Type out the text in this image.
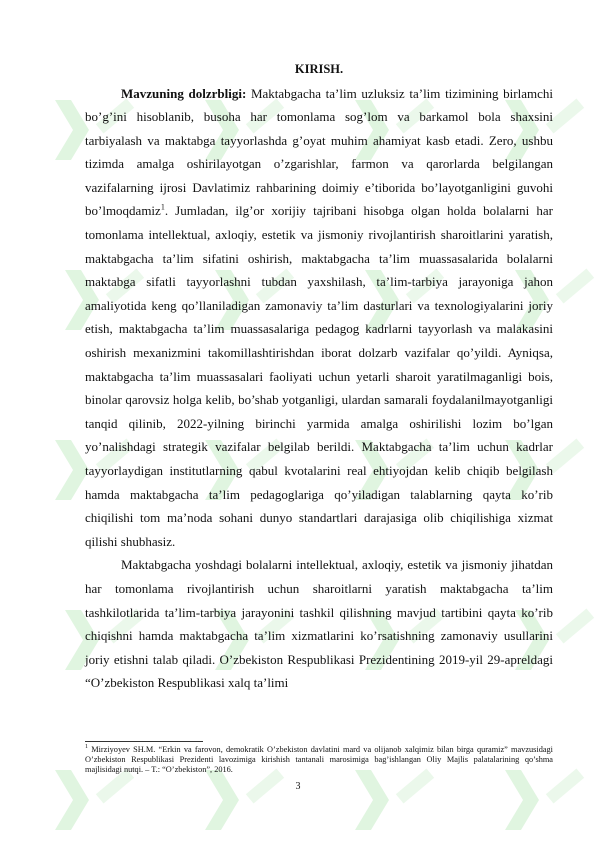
KIRISH.

Mavzuning dolzrbligi: Maktabgacha ta’lim uzluksiz ta’lim tizimining birlamchi bo’g’ini hisoblanib, busoha har tomonlama sog’lom va barkamol bola shaxsini tarbiyalash va maktabga tayyorlashda g’oyat muhim ahamiyat kasb etadi. Zero, ushbu tizimda amalga oshirilayotgan o’zgarishlar, farmon va qarorlarda belgilangan vazifalarning ijrosi Davlatimiz rahbarining doimiy e’tiborida bo’layotganligini guvohi bo’lmoqdamiz$^1$. Jumladan, ilg’or xorijiy tajribani hisobga olgan holda bolalarni har tomonlama intellektual, axloqiy, estetik va jismoniy rivojlantirish sharoitlarini yaratish, maktabgacha ta’lim sifatini oshirish, maktabgacha ta’lim muassasalarida bolalarni maktabga sifatli tayyorlashni tubdan yaxshilash, ta’lim-tarbiya jarayoniga jahon amaliyotida keng qo’llaniladigan zamonaviy ta’lim dasturlari va texnologiyalarini joriy etish, maktabgacha ta’lim muassasalariga pedagog kadrlarni tayyorlash va malakasini oshirish mexanizmini takomillashtirishdan iborat dolzarb vazifalar qo’yildi. Ayniqsa, maktabgacha ta’lim muassasalari faoliyati uchun yetarli sharoit yaratilmaganligi bois, binolar qarovsiz holga kelib, bo’shab yotganligi, ulardan samarali foydalanilmayotganligi tanqid qilinib, 2022-yilning birinchi yarmida amalga oshirilishi lozim bo’lgan yo’nalishdagi strategik vazifalar belgilab berildi. Maktabgacha ta’lim uchun kadrlar tayyorlaydigan institutlarning qabul kvotalarini real ehtiyojdan kelib chiqib belgilash hamda maktabgacha ta’lim pedagoglariga qo’yiladigan talablarning qayta ko’rib chiqilishi tom ma’noda sohani dunyo standartlari darajasiga olib chiqilishiga xizmat qilishi shubhasiz.

Maktabgacha yoshdagi bolalarni intellektual, axloqiy, estetik va jismoniy jihatdan har tomonlama rivojlantirish uchun sharoitlarni yaratish maktabgacha ta’lim tashkilotlarida ta’lim-tarbiya jarayonini tashkil qilishning mavjud tartibini qayta ko’rib chiqishni hamda maktabgacha ta’lim xizmatlarini ko’rsatishning zamonaviy usullarini joriy etishni talab qiladi. O’zbekiston Respublikasi Prezidentining 2019-yil 29-apreldagi “O’zbekiston Respublikasi xalq ta’limi

$^1$ Mirziyoyev SH.M. “Erkin va farovon, demokratik O’zbekiston davlatini mard va olijanob xalqimiz bilan birga quramiz” mavzusidagi O’zbekiston Respublikasi Prezidenti lavozimiga kirishish tantanali marosimiga bag’ishlangan Oliy Majlis palatalarining qo’shma majlisidagi nutqi. – T.: “O’zbekiston”, 2016.

3
